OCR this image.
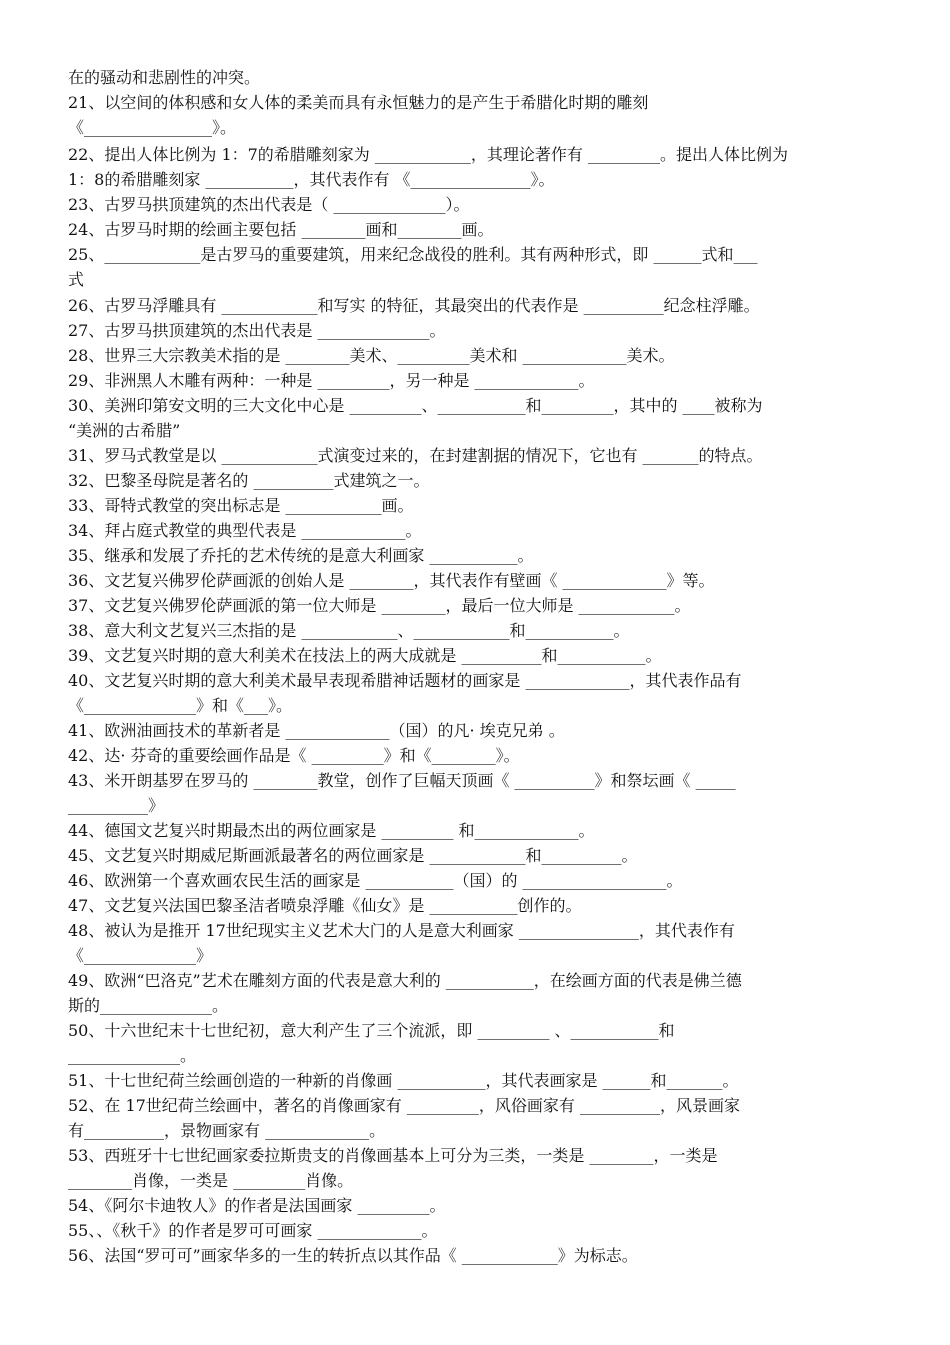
在的骚动和悲剧性的冲突。
21、以空间的体积感和女人体的柔美而具有永恒魅力的是产生于希腊化时期的雕刻
《________________》。
22、提出人体比例为 1：7的希腊雕刻家为 ____________，其理论著作有 _________。提出人体比例为
1：8的希腊雕刻家 ___________，其代表作有 《_______________》。
23、古罗马拱顶建筑的杰出代表是（ ______________）。
24、古罗马时期的绘画主要包括 ________画和________画。
25、____________是古罗马的重要建筑，用来纪念战役的胜利。其有两种形式，即 ______式和___
式
26、古罗马浮雕具有 ____________和写实 的特征，其最突出的代表作是 __________纪念柱浮雕。
27、古罗马拱顶建筑的杰出代表是 ______________。
28、世界三大宗教美术指的是 ________美术、_________美术和 _____________美术。
29、非洲黑人木雕有两种：一种是 _________，另一种是 _____________。
30、美洲印第安文明的三大文化中心是 _________、___________和_________，其中的 ____被称为
“美洲的古希腊”
31、罗马式教堂是以 ____________式演变过来的，在封建割据的情况下，它也有 _______的特点。
32、巴黎圣母院是著名的 __________式建筑之一。
33、哥特式教堂的突出标志是 ____________画。
34、拜占庭式教堂的典型代表是 _____________。
35、继承和发展了乔托的艺术传统的是意大利画家 ___________。
36、文艺复兴佛罗伦萨画派的创始人是 ________，其代表作有壁画《 _____________》等。
37、文艺复兴佛罗伦萨画派的第一位大师是 ________，最后一位大师是 ____________。
38、意大利文艺复兴三杰指的是 ____________、____________和___________。
39、文艺复兴时期的意大利美术在技法上的两大成就是 __________和___________。
40、文艺复兴时期的意大利美术最早表现希腊神话题材的画家是 _____________，其代表作品有
《______________》和《___》。
41、欧洲油画技术的革新者是 _____________（国）的凡· 埃克兄弟 。
42、达· 芬奇的重要绘画作品是《 _________》和《________》。
43、米开朗基罗在罗马的 ________教堂，创作了巨幅天顶画《 __________》和祭坛画《 _____
__________》
44、德国文艺复兴时期最杰出的两位画家是 _________ 和_____________。
45、文艺复兴时期威尼斯画派最著名的两位画家是 ____________和__________。
46、欧洲第一个喜欢画农民生活的画家是 ___________（国）的 __________________。
47、文艺复兴法国巴黎圣洁者喷泉浮雕《仙女》是 ___________创作的。
48、被认为是推开 17世纪现实主义艺术大门的人是意大利画家 _______________，其代表作有
《______________》
49、欧洲“巴洛克”艺术在雕刻方面的代表是意大利的 ___________，在绘画方面的代表是佛兰德
斯的______________。
50、十六世纪末十七世纪初，意大利产生了三个流派，即 _________ 、___________和
______________。
51、十七世纪荷兰绘画创造的一种新的肖像画 ___________，其代表画家是 ______和_______。
52、在 17世纪荷兰绘画中，著名的肖像画家有 _________，风俗画家有 __________，风景画家
有__________，景物画家有 _____________。
53、西班牙十七世纪画家委拉斯贵支的肖像画基本上可分为三类，一类是 ________，一类是
________肖像，一类是 _________肖像。
54、《阿尔卡迪牧人》的作者是法国画家 _________。
55、、《秋千》的作者是罗可可画家 _____________。
56、法国“罗可可”画家华多的一生的转折点以其作品《 ____________》为标志。
